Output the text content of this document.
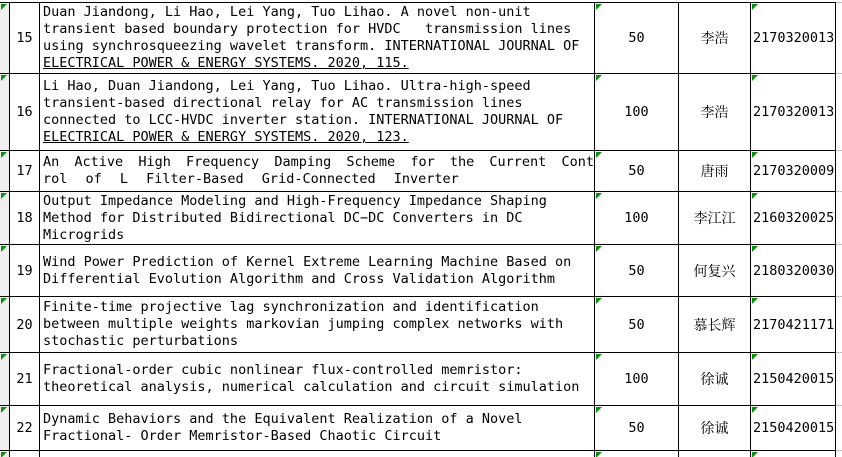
15
Duan Jiandong, Li Hao, Lei Yang, Tuo Lihao. A novel non-unit
transient based boundary protection for HVDC   transmission lines
using synchrosqueezing wavelet transform. INTERNATIONAL JOURNAL OF
ELECTRICAL POWER & ENERGY SYSTEMS. 2020, 115.
50	李浩 2170320013
16
Li Hao, Duan Jiandong, Lei Yang, Tuo Lihao. Ultra-high-speed
transient-based directional relay for AC transmission lines
connected to LCC-HVDC inverter station. INTERNATIONAL JOURNAL OF
ELECTRICAL POWER & ENERGY SYSTEMS. 2020, 123.
100	李浩 2170320013
17
An Active High Frequency Damping Scheme for the Current Cont
rol of L Filter-Based Grid-Connected Inverter	50	唐雨 2170320009
18
Output Impedance Modeling and High-Frequency Impedance Shaping
Method for Distributed Bidirectional DC−DC Converters in DC
Microgrids
100	李江江 2160320025
19
Wind Power Prediction of Kernel Extreme Learning Machine Based on
Differential Evolution Algorithm and Cross Validation Algorithm	50	何复兴 2180320030
20
Finite-time projective lag synchronization and identification
between multiple weights markovian jumping complex networks with
stochastic perturbations
50	慕长辉 2170421171
21
Fractional-order cubic nonlinear flux-controlled memristor:
theoretical analysis, numerical calculation and circuit simulation	100	徐诚 2150420015
22
Dynamic Behaviors and the Equivalent Realization of a Novel
Fractional- Order Memristor-Based Chaotic Circuit	50	徐诚 2150420015
